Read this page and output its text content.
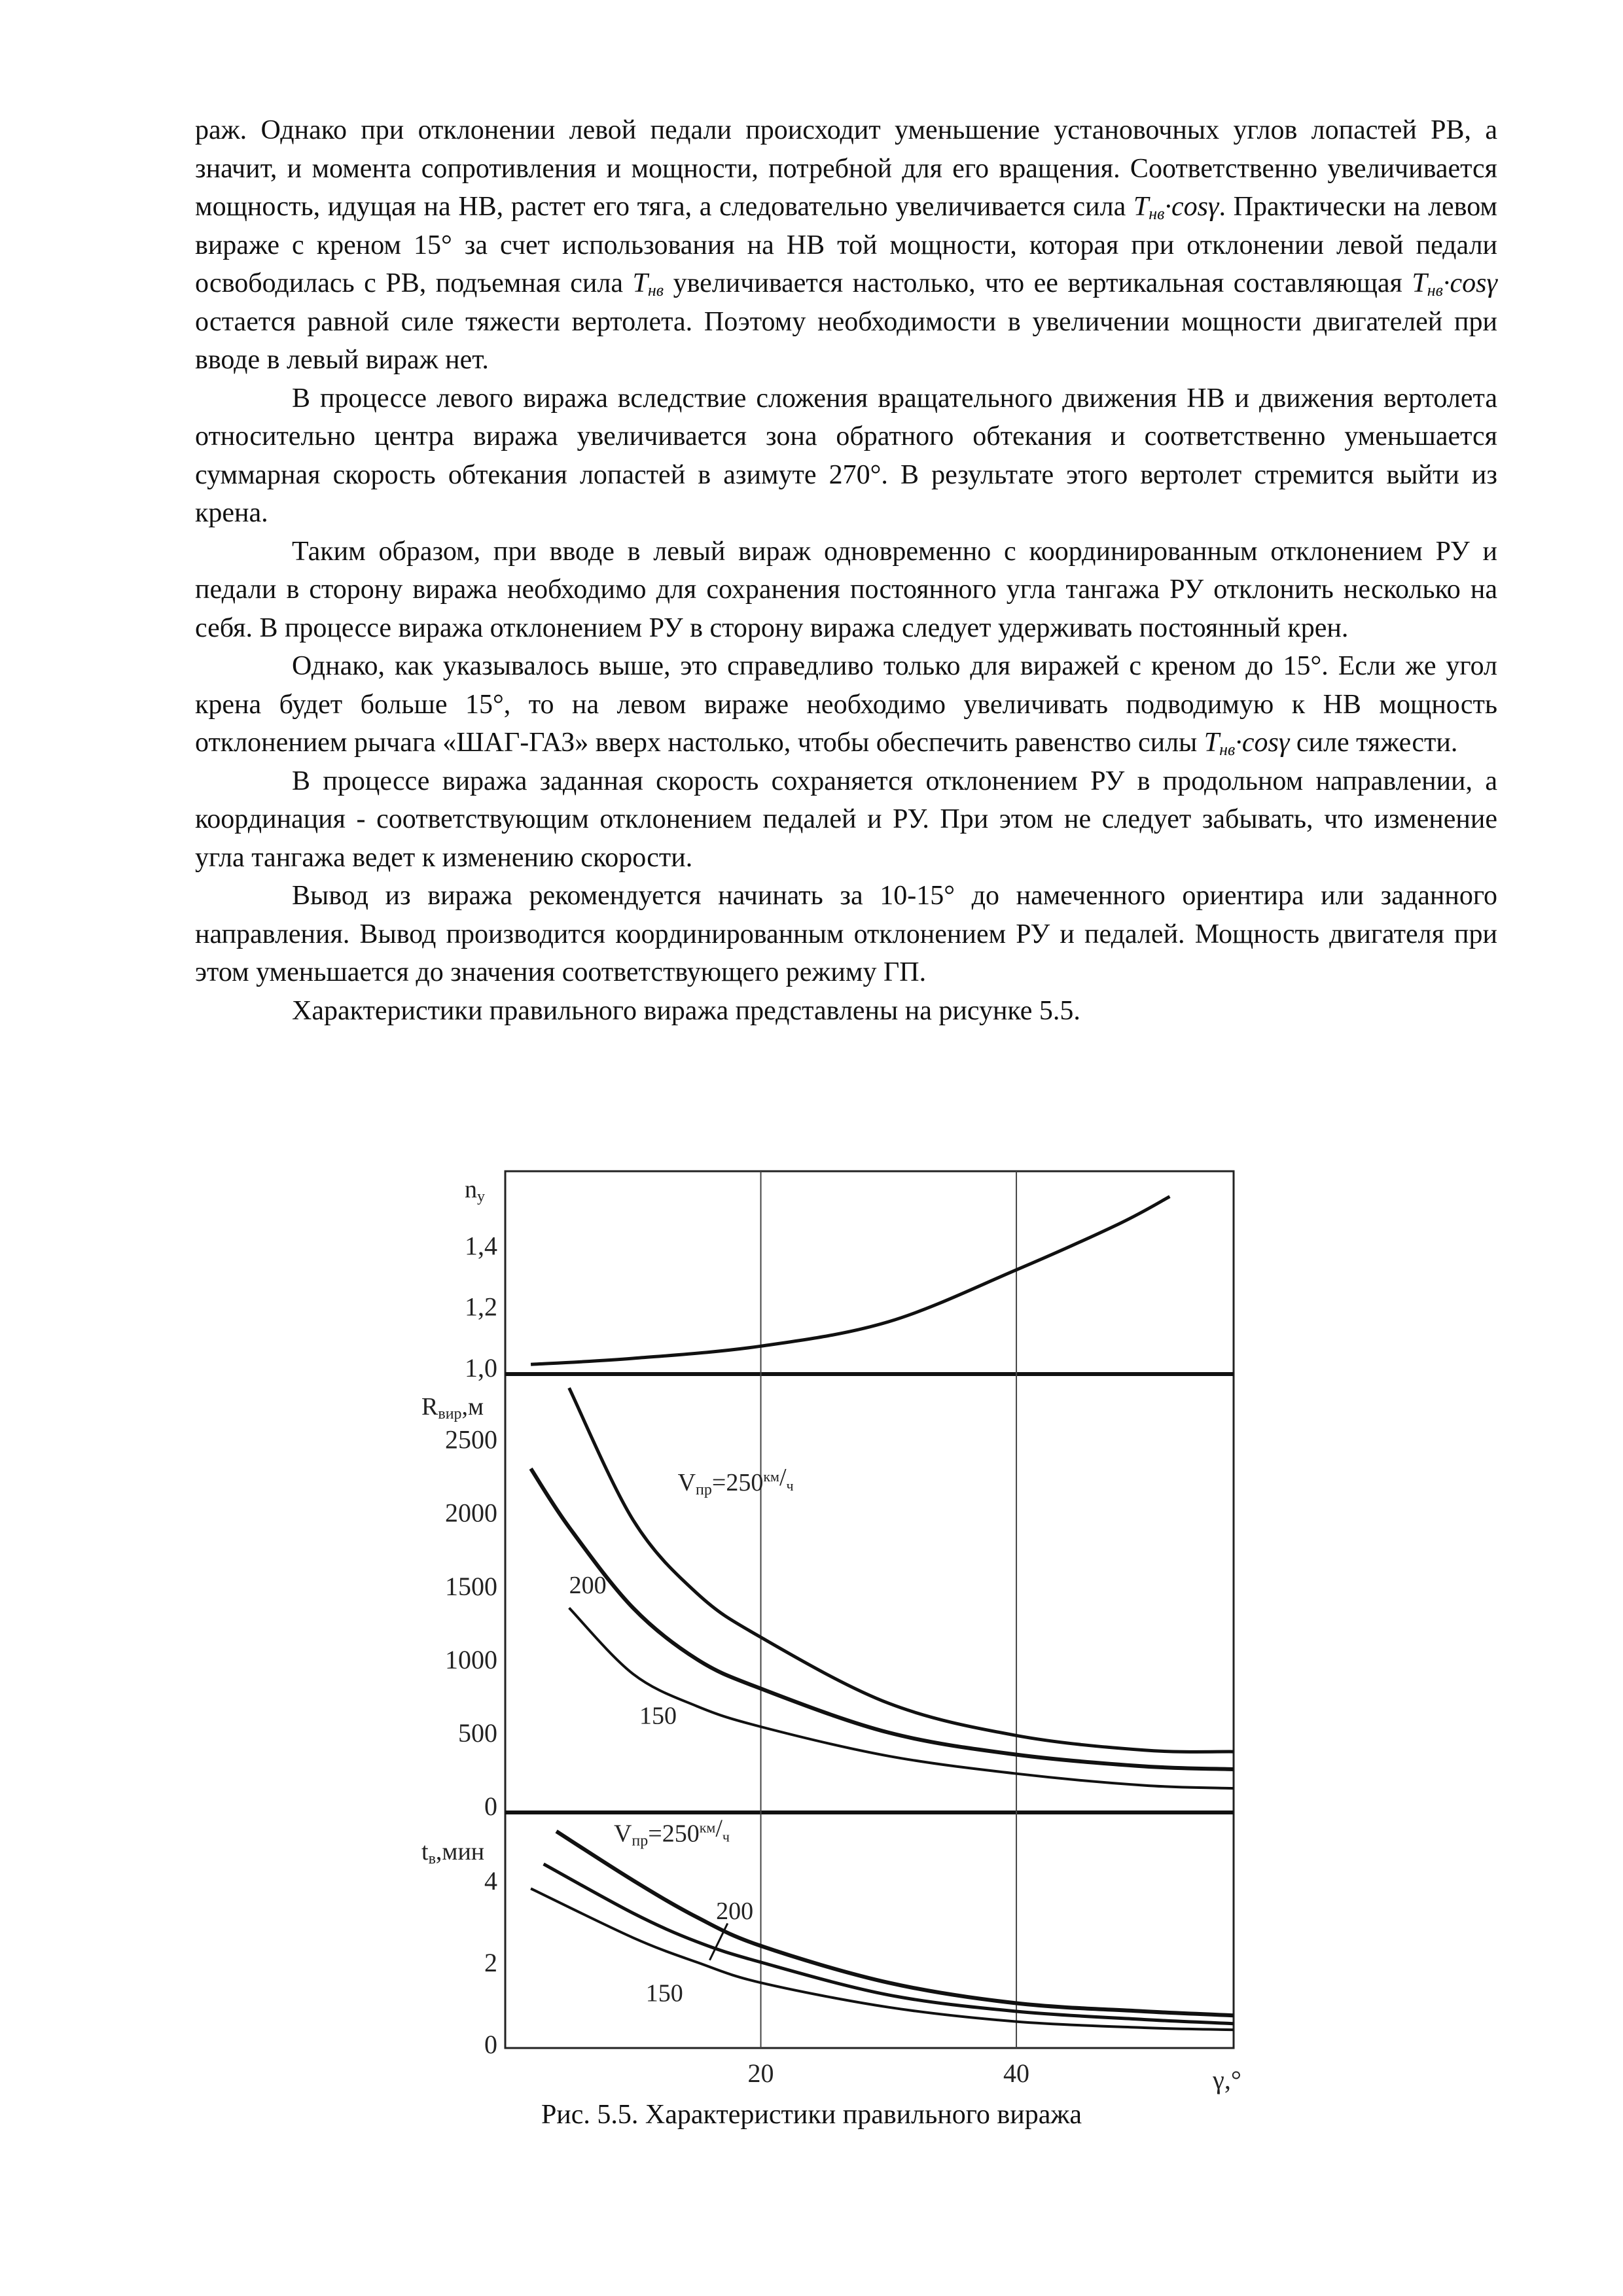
раж. Однако при отклонении левой педали происходит уменьшение установочных углов лопастей РВ, а значит, и момента сопротивления и мощности, потребной для его вращения. Соответственно увеличивается мощность, идущая на НВ, растет его тяга, а следовательно увеличивается сила $T_{нв}\cdot\cos\gamma$. Практически на левом вираже с креном 15° за счет использования на НВ той мощности, которая при отклонении левой педали освободилась с РВ, подъемная сила $T_{нв}$ увеличивается настолько, что ее вертикальная составляющая $T_{нв}\cdot\cos\gamma$ остается равной силе тяжести вертолета. Поэтому необходимости в увеличении мощности двигателей при вводе в левый вираж нет.

В процессе левого виража вследствие сложения вращательного движения НВ и движения вертолета относительно центра виража увеличивается зона обратного обтекания и соответственно уменьшается суммарная скорость обтекания лопастей в азимуте 270°. В результате этого вертолет стремится выйти из крена.

Таким образом, при вводе в левый вираж одновременно с координированным отклонением РУ и педали в сторону виража необходимо для сохранения постоянного угла тангажа РУ отклонить несколько на себя. В процессе виража отклонением РУ в сторону виража следует удерживать постоянный крен.

Однако, как указывалось выше, это справедливо только для виражей с креном до 15°. Если же угол крена будет больше 15°, то на левом вираже необходимо увеличивать подводимую к НВ мощность отклонением рычага «ШАГ-ГАЗ» вверх настолько, чтобы обеспечить равенство силы $T_{нв}\cdot\cos\gamma$ силе тяжести.

В процессе виража заданная скорость сохраняется отклонением РУ в продольном направлении, а координация - соответствующим отклонением педалей и РУ. При этом не следует забывать, что изменение угла тангажа ведет к изменению скорости.

Вывод из виража рекомендуется начинать за 10-15° до намеченного ориентира или заданного направления. Вывод производится координированным отклонением РУ и педалей. Мощность двигателя при этом уменьшается до значения соответствующего режиму ГП.

Характеристики правильного виража представлены на рисунке 5.5.

20	40	γ,°
1,0
1,2
1,4
ny
0
500
1000
1500
2000
2500
Rвир,м
$Vпр=250^{км}/_ч$
200
150
0
2
4
tв,мин
$Vпр=250^{км}/_ч$
200
150
Рис. 5.5. Характеристики правильного виража
